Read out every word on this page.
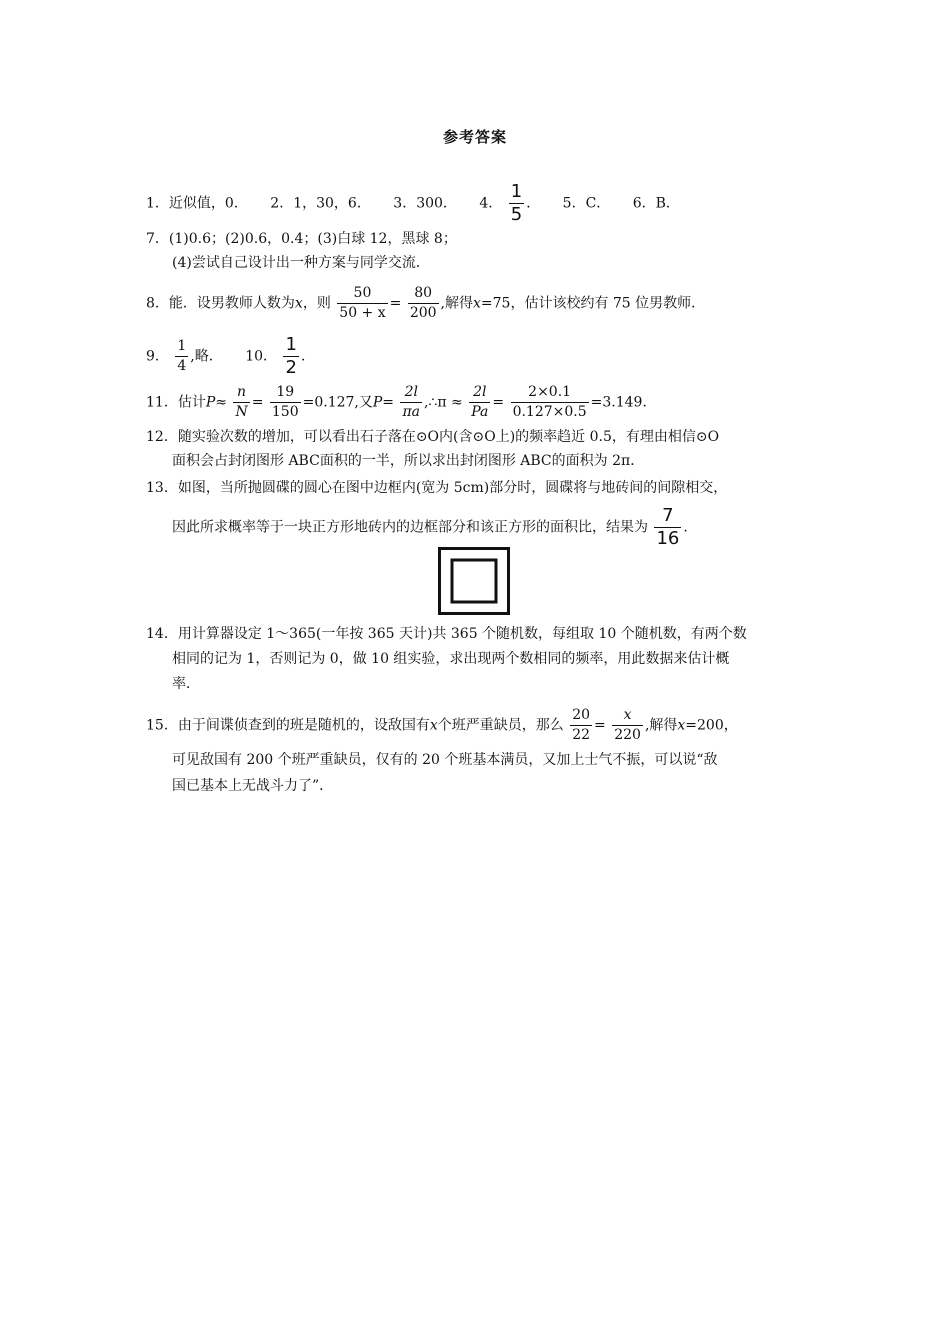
参考答案
1．近似值，0． 2．1，30，6． 3．300． 4． $\frac{1}{5}$ ． 5．C． 6．B．
7．(1)0.6；(2)0.6，0.4；(3)白球 12，黑球 8；
(4)尝试自己设计出一种方案与同学交流．
8．能．设男教师人数为x，则 $\frac{50}{50 + x} = \frac{80}{200}$ ,解得x=75，估计该校约有 75 位男教师．
9． $\frac{1}{4}$ ,略． 10． $\frac{1}{2}$ ．
11．估计$P\approx \frac{n}{N} = \frac{19}{150} =0.127$,又$P= \frac{2l}{\pi a}$ ,∴π ≈ $\frac{2l}{Pa} = \frac{2\times 0.1}{0.127\times 0.5} =3.149$.
12．随实验次数的增加，可以看出石子落在⊙O内(含⊙O上)的频率趋近 0.5，有理由相信⊙O
面积会占封闭图形 ABC面积的一半，所以求出封闭图形 ABC的面积为 2π．
13．如图，当所抛圆碟的圆心在图中边框内(宽为 5cm)部分时，圆碟将与地砖间的间隙相交，
因此所求概率等于一块正方形地砖内的边框部分和该正方形的面积比，结果为 $\frac{7}{16}$ ．
14．用计算器设定 1～365(一年按 365 天计)共 365 个随机数，每组取 10 个随机数，有两个数
相同的记为 1，否则记为 0，做 10 组实验，求出现两个数相同的频率，用此数据来估计概
率．
15．由于间谍侦查到的班是随机的，设敌国有x个班严重缺员，那么 $\frac{20}{22} = \frac{x}{220}$ ,解得x=200，
可见敌国有 200 个班严重缺员，仅有的 20 个班基本满员，又加上士气不振，可以说“敌
国已基本上无战斗力了”．
